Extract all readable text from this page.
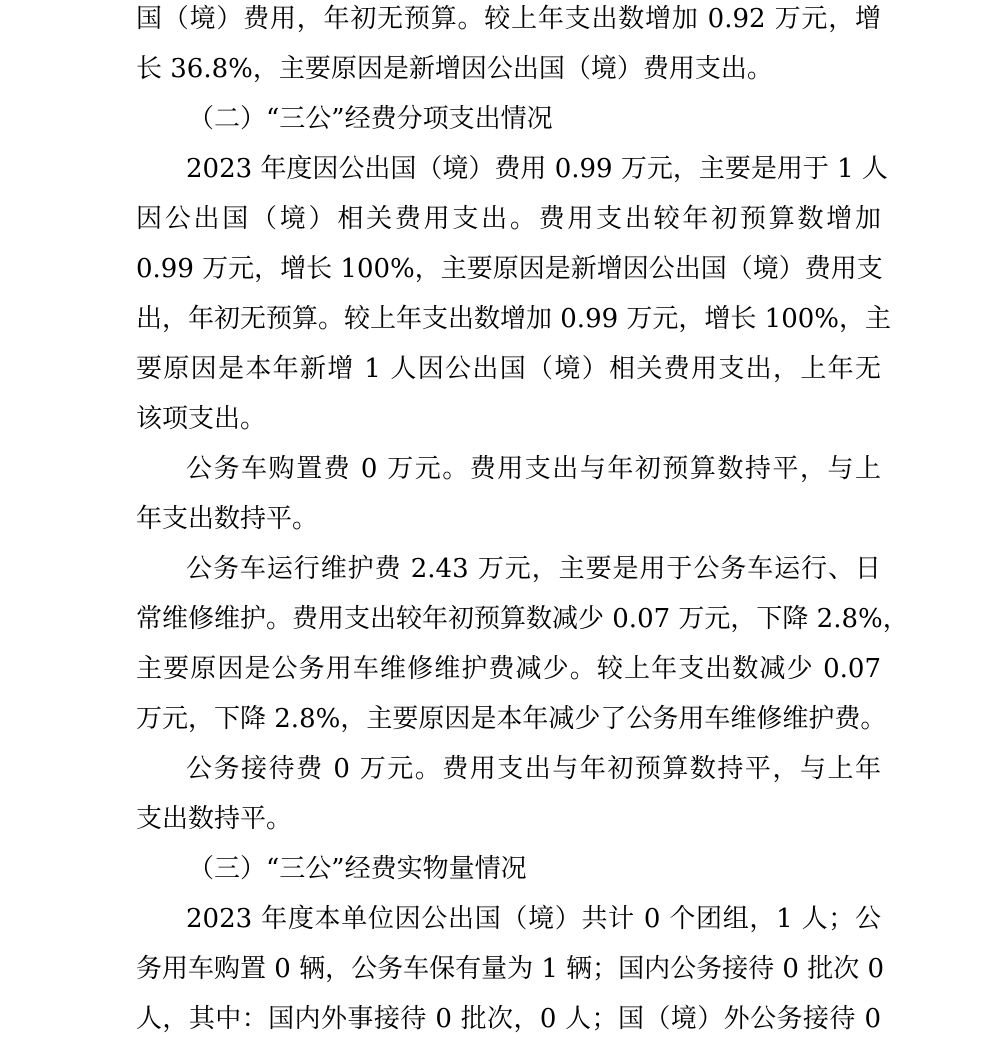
国（境）费用，年初无预算。较上年支出数增加 0.92 万元，增
长 36.8%，主要原因是新增因公出国（境）费用支出。
（二）“三公”经费分项支出情况
2023 年度因公出国（境）费用 0.99 万元，主要是用于 1 人
因公出国（境）相关费用支出。费用支出较年初预算数增加
0.99 万元，增长 100%，主要原因是新增因公出国（境）费用支
出，年初无预算。较上年支出数增加 0.99 万元，增长 100%，主
要原因是本年新增 1 人因公出国（境）相关费用支出，上年无
该项支出。
公务车购置费 0 万元。费用支出与年初预算数持平，与上
年支出数持平。
公务车运行维护费 2.43 万元，主要是用于公务车运行、日
常维修维护。费用支出较年初预算数减少 0.07 万元，下降 2.8%，
主要原因是公务用车维修维护费减少。较上年支出数减少 0.07
万元，下降 2.8%，主要原因是本年减少了公务用车维修维护费。
公务接待费 0 万元。费用支出与年初预算数持平，与上年
支出数持平。
（三）“三公”经费实物量情况
2023 年度本单位因公出国（境）共计 0 个团组，1 人；公
务用车购置 0 辆，公务车保有量为 1 辆；国内公务接待 0 批次 0
人，其中：国内外事接待 0 批次，0 人；国（境）外公务接待 0
